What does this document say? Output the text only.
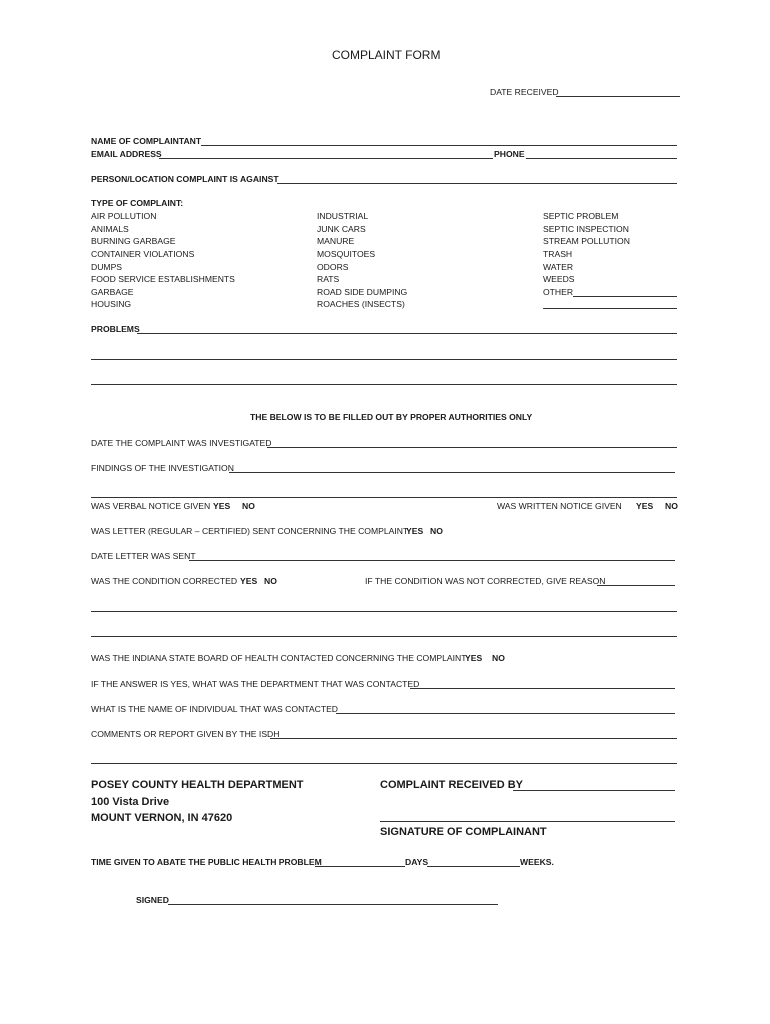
COMPLAINT FORM
DATE RECEIVED
NAME OF COMPLAINTANT
EMAIL ADDRESS	PHONE
PERSON/LOCATION COMPLAINT IS AGAINST
TYPE OF COMPLAINT:
AIR POLLUTION
ANIMALS
BURNING GARBAGE
CONTAINER VIOLATIONS
DUMPS
FOOD SERVICE ESTABLISHMENTS
GARBAGE
HOUSING
INDUSTRIAL
JUNK CARS
MANURE
MOSQUITOES
ODORS
RATS
ROAD SIDE DUMPING
ROACHES (INSECTS)
SEPTIC PROBLEM
SEPTIC INSPECTION
STREAM POLLUTION
TRASH
WATER
WEEDS
OTHER
PROBLEMS
THE BELOW IS TO BE FILLED OUT BY PROPER AUTHORITIES ONLY
DATE THE COMPLAINT WAS INVESTIGATED
FINDINGS OF THE INVESTIGATION
WAS VERBAL NOTICE GIVEN YES NO	WAS WRITTEN NOTICE GIVEN YES NO
WAS LETTER (REGULAR – CERTIFIED) SENT CONCERNING THE COMPLAINT
YES NO
DATE LETTER WAS SENT
WAS THE CONDITION CORRECTED YES NO	IF THE CONDITION WAS NOT CORRECTED, GIVE REASON
WAS THE INDIANA STATE BOARD OF HEALTH CONTACTED CONCERNING THE COMPLAINT
YES NO
IF THE ANSWER IS YES, WHAT WAS THE DEPARTMENT THAT WAS CONTACTED
WHAT IS THE NAME OF INDIVIDUAL THAT WAS CONTACTED
COMMENTS OR REPORT GIVEN BY THE ISDH
POSEY COUNTY HEALTH DEPARTMENT
100 Vista Drive
MOUNT VERNON, IN 47620
COMPLAINT RECEIVED BY
SIGNATURE OF COMPLAINANT
TIME GIVEN TO ABATE THE PUBLIC HEALTH PROBLEM	DAYS	WEEKS.
SIGNED
